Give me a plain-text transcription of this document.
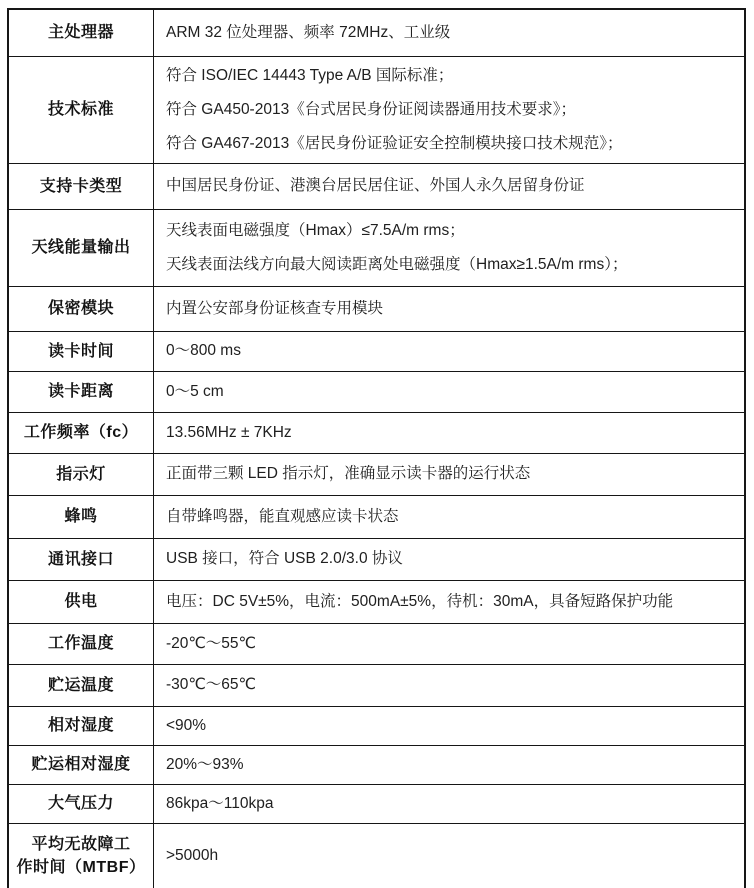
主处理器	ARM 32 位处理器、频率 72MHz、工业级

技术标准	符合 ISO/IEC 14443 Type A/B 国际标准；
符合 GA450-2013《台式居民身份证阅读器通用技术要求》；
符合 GA467-2013《居民身份证验证安全控制模块接口技术规范》；

支持卡类型	中国居民身份证、港澳台居民居住证、外国人永久居留身份证

天线能量输出	天线表面电磁强度（Hmax）≤7.5A/m rms；
天线表面法线方向最大阅读距离处电磁强度（Hmax≥1.5A/m rms）；

保密模块	内置公安部身份证核查专用模块

读卡时间	0～800 ms

读卡距离	0～5 cm

工作频率（fc）	13.56MHz ± 7KHz

指示灯	正面带三颗 LED 指示灯，准确显示读卡器的运行状态

蜂鸣	自带蜂鸣器，能直观感应读卡状态

通讯接口	USB 接口，符合 USB 2.0/3.0 协议

供电	电压：DC 5V±5%，电流：500mA±5%，待机：30mA，具备短路保护功能

工作温度	-20℃～55℃

贮运温度	-30℃～65℃

相对湿度	<90%

贮运相对湿度	20%～93%

大气压力	86kpa～110kpa

平均无故障工
作时间（MTBF）	>5000h
